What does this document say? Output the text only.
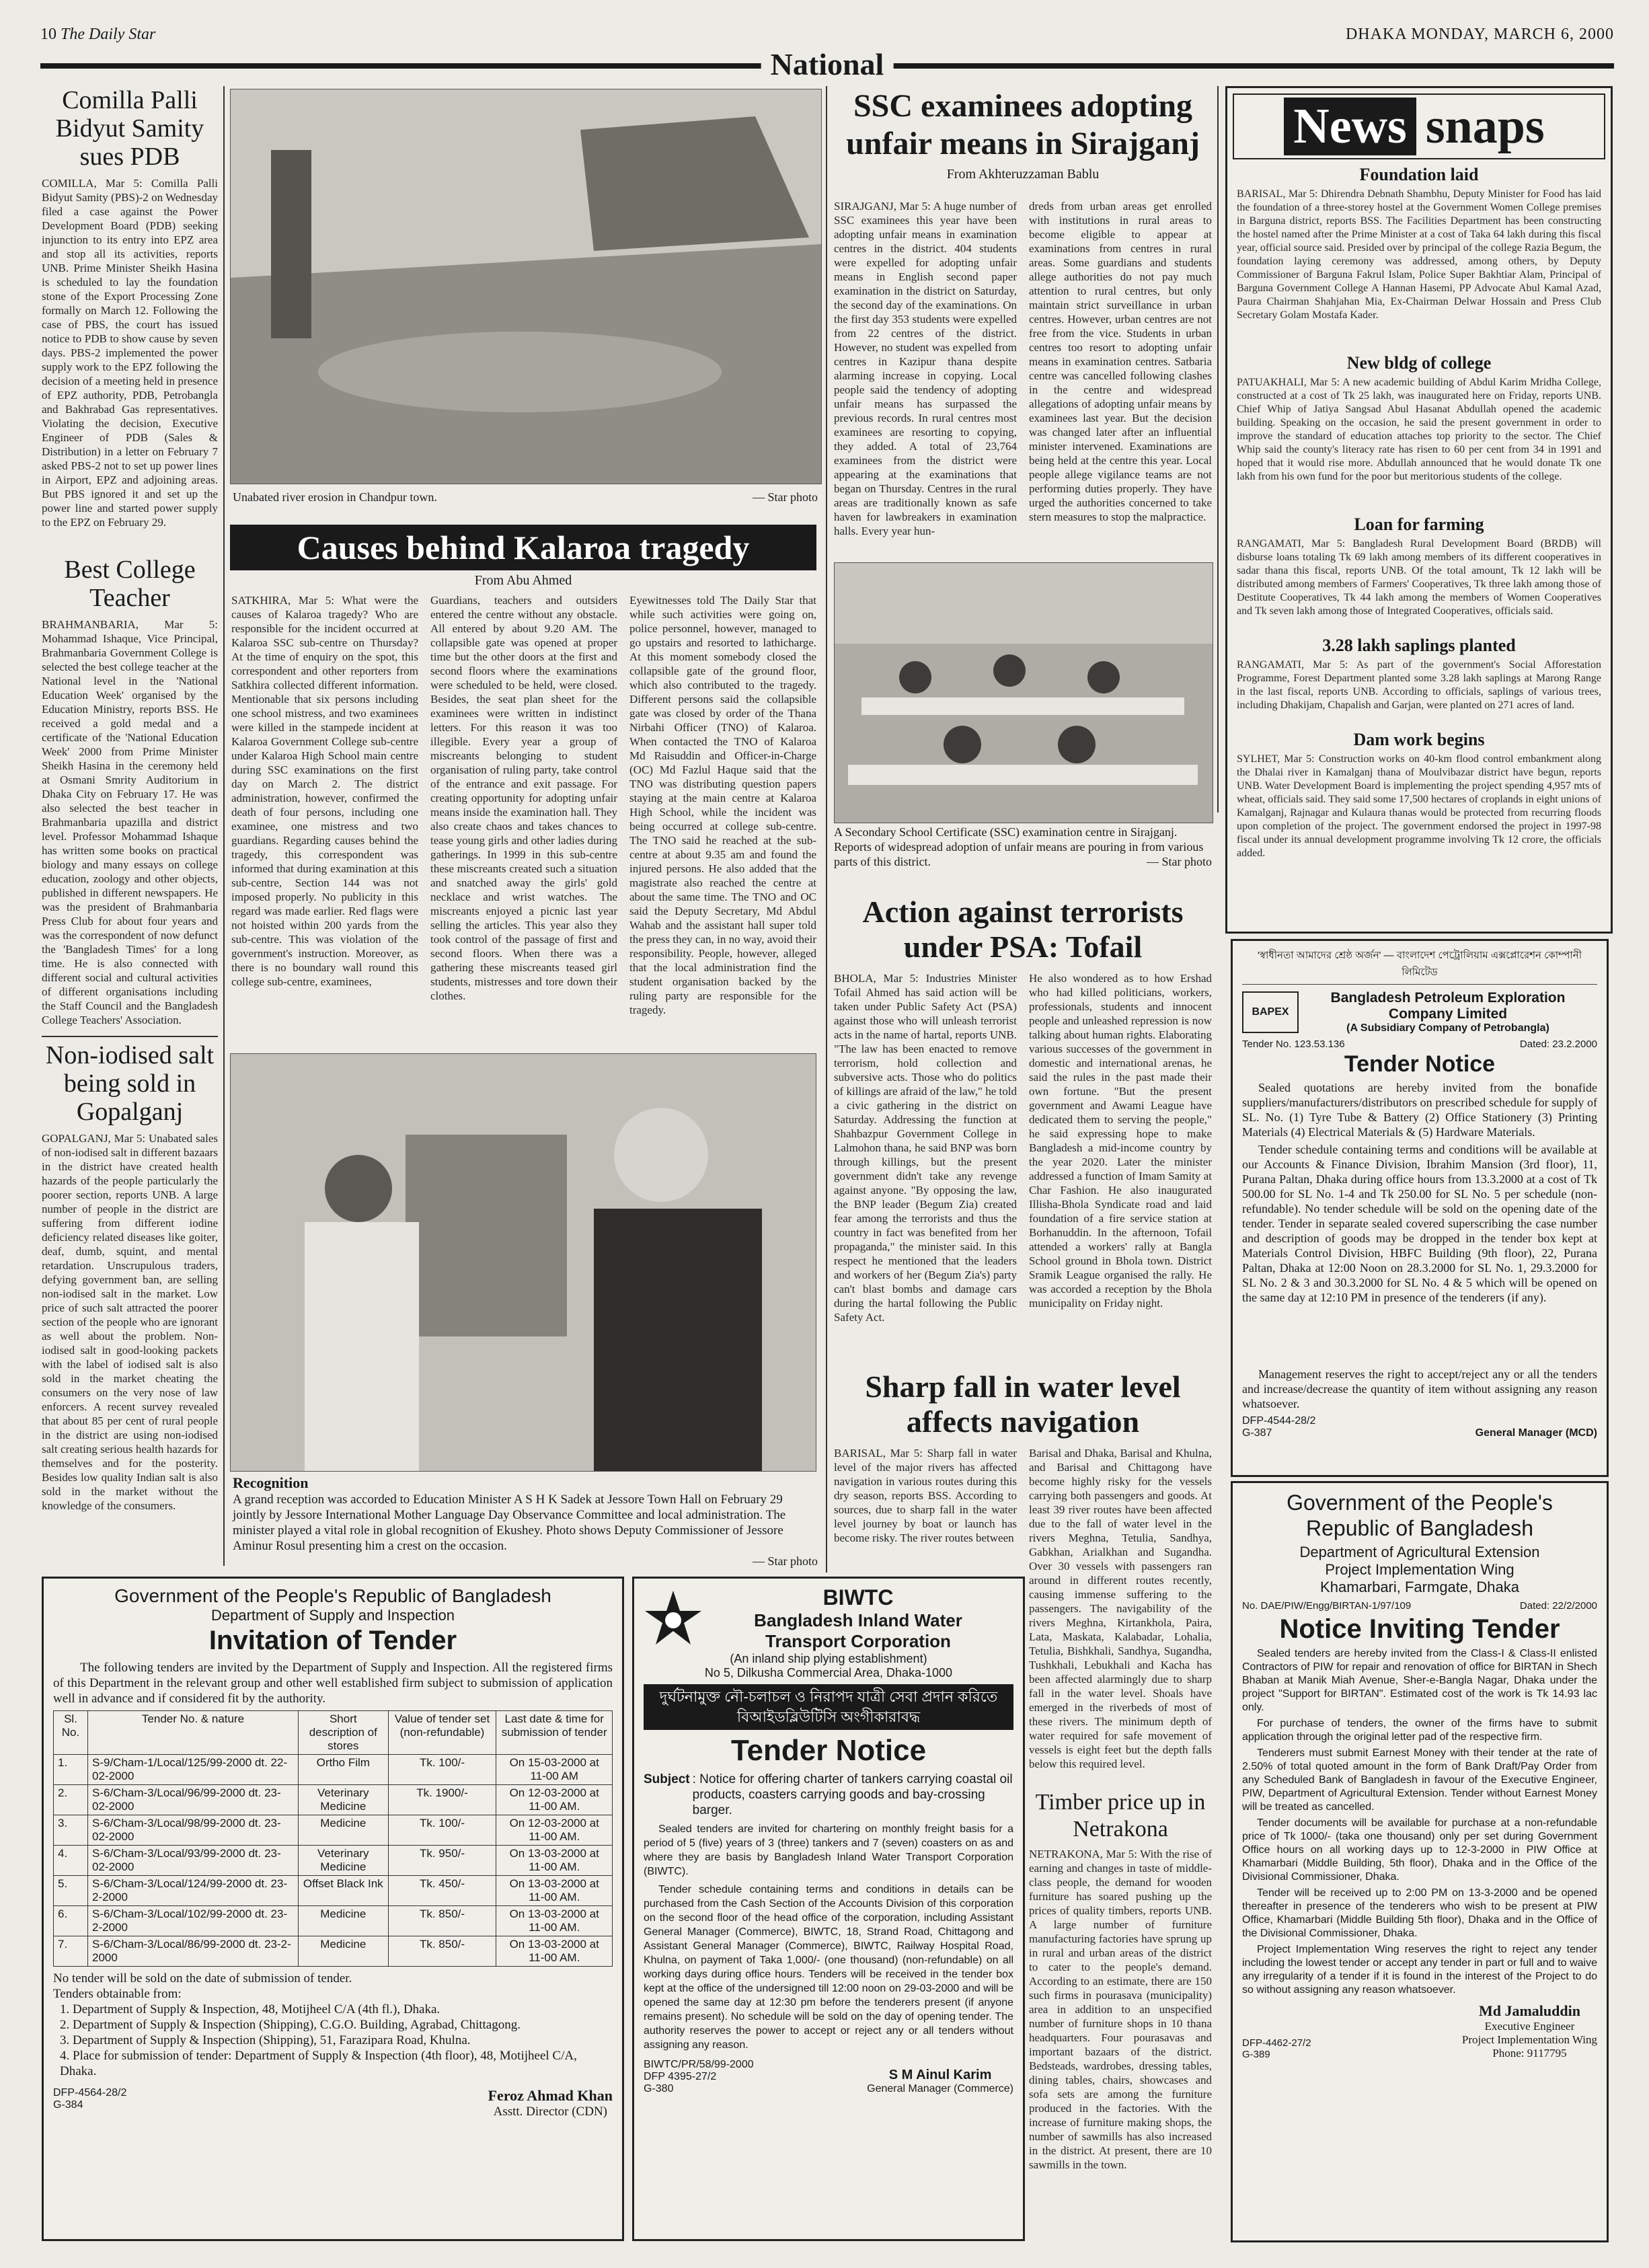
10 The Daily Star	DHAKA MONDAY, MARCH 6, 2000
National
Comilla Palli Bidyut Samity sues PDB
COMILLA, Mar 5: Comilla Palli Bidyut Samity (PBS)-2 on Wednesday filed a case against the Power Development Board (PDB) seeking injunction to its entry into EPZ area and stop all its activities, reports UNB. Prime Minister Sheikh Hasina is scheduled to lay the foundation stone of the Export Processing Zone formally on March 12. Following the case of PBS, the court has issued notice to PDB to show cause by seven days. PBS-2 implemented the power supply work to the EPZ following the decision of a meeting held in presence of EPZ authority, PDB, Petrobangla and Bakhrabad Gas representatives. Violating the decision, Executive Engineer of PDB (Sales & Distribution) in a letter on February 7 asked PBS-2 not to set up power lines in Airport, EPZ and adjoining areas. But PBS ignored it and set up the power line and started power supply to the EPZ on February 29.
Best College Teacher
BRAHMANBARIA, Mar 5: Mohammad Ishaque, Vice Principal, Brahmanbaria Government College is selected the best college teacher at the National level in the 'National Education Week' organised by the Education Ministry, reports BSS. He received a gold medal and a certificate of the 'National Education Week' 2000 from Prime Minister Sheikh Hasina in the ceremony held at Osmani Smrity Auditorium in Dhaka City on February 17. He was also selected the best teacher in Brahmanbaria upazilla and district level. Professor Mohammad Ishaque has written some books on practical biology and many essays on college education, zoology and other objects, published in different newspapers. He was the president of Brahmanbaria Press Club for about four years and was the correspondent of now defunct the 'Bangladesh Times' for a long time. He is also connected with different social and cultural activities of different organisations including the Staff Council and the Bangladesh College Teachers' Association.
Non-iodised salt being sold in Gopalganj
GOPALGANJ, Mar 5: Unabated sales of non-iodised salt in different bazaars in the district have created health hazards of the people particularly the poorer section, reports UNB. A large number of people in the district are suffering from different iodine deficiency related diseases like goiter, deaf, dumb, squint, and mental retardation. Unscrupulous traders, defying government ban, are selling non-iodised salt in the market. Low price of such salt attracted the poorer section of the people who are ignorant as well about the problem. Non-iodised salt in good-looking packets with the label of iodised salt is also sold in the market cheating the consumers on the very nose of law enforcers. A recent survey revealed that about 85 per cent of rural people in the district are using non-iodised salt creating serious health hazards for themselves and for the posterity. Besides low quality Indian salt is also sold in the market without the knowledge of the consumers.
Unabated river erosion in Chandpur town.	— Star photo
Causes behind Kalaroa tragedy
From Abu Ahmed
SATKHIRA, Mar 5: What were the causes of Kalaroa tragedy? Who are responsible for the incident occurred at Kalaroa SSC sub-centre on Thursday? At the time of enquiry on the spot, this correspondent and other reporters from Satkhira collected different information. Mentionable that six persons including one school mistress, and two examinees were killed in the stampede incident at Kalaroa Government College sub-centre under Kalaroa High School main centre during SSC examinations on the first day on March 2. The district administration, however, confirmed the death of four persons, including one examinee, one mistress and two guardians. Regarding causes behind the tragedy, this correspondent was informed that during examination at this sub-centre, Section 144 was not imposed properly. No publicity in this regard was made earlier. Red flags were not hoisted within 200 yards from the sub-centre. This was violation of the government's instruction. Moreover, as there is no boundary wall round this college sub-centre, examinees,
Guardians, teachers and outsiders entered the centre without any obstacle. All entered by about 9.20 AM. The collapsible gate was opened at proper time but the other doors at the first and second floors where the examinations were scheduled to be held, were closed. Besides, the seat plan sheet for the examinees were written in indistinct letters. For this reason it was too illegible. Every year a group of miscreants belonging to student organisation of ruling party, take control of the entrance and exit passage. For creating opportunity for adopting unfair means inside the examination hall. They also create chaos and takes chances to tease young girls and other ladies during gatherings. In 1999 in this sub-centre these miscreants created such a situation and snatched away the girls' gold necklace and wrist watches. The miscreants enjoyed a picnic last year selling the articles. This year also they took control of the passage of first and second floors. When there was a gathering these miscreants teased girl students, mistresses and tore down their clothes.
Eyewitnesses told The Daily Star that while such activities were going on, police personnel, however, managed to go upstairs and resorted to lathicharge. At this moment somebody closed the collapsible gate of the ground floor, which also contributed to the tragedy. Different persons said the collapsible gate was closed by order of the Thana Nirbahi Officer (TNO) of Kalaroa. When contacted the TNO of Kalaroa Md Raisuddin and Officer-in-Charge (OC) Md Fazlul Haque said that the TNO was distributing question papers staying at the main centre at Kalaroa High School, while the incident was being occurred at college sub-centre. The TNO said he reached at the sub-centre at about 9.35 am and found the injured persons. He also added that the magistrate also reached the centre at about the same time. The TNO and OC said the Deputy Secretary, Md Abdul Wahab and the assistant hall super told the press they can, in no way, avoid their responsibility. People, however, alleged that the local administration find the student organisation backed by the ruling party are responsible for the tragedy.
Recognition
A grand reception was accorded to Education Minister A S H K Sadek at Jessore Town Hall on February 29 jointly by Jessore International Mother Language Day Observance Committee and local administration. The minister played a vital role in global recognition of Ekushey. Photo shows Deputy Commissioner of Jessore Aminur Rosul presenting him a crest on the occasion.
— Star photo
SSC examinees adopting unfair means in Sirajganj
From Akhteruzzaman Bablu
SIRAJGANJ, Mar 5: A huge number of SSC examinees this year have been adopting unfair means in examination centres in the district. 404 students were expelled for adopting unfair means in English second paper examination in the district on Saturday, the second day of the examinations. On the first day 353 students were expelled from 22 centres of the district. However, no student was expelled from centres in Kazipur thana despite alarming increase in copying. Local people said the tendency of adopting unfair means has surpassed the previous records. In rural centres most examinees are resorting to copying, they added. A total of 23,764 examinees from the district were appearing at the examinations that began on Thursday. Centres in the rural areas are traditionally known as safe haven for lawbreakers in examination halls. Every year hun-
dreds from urban areas get enrolled with institutions in rural areas to become eligible to appear at examinations from centres in rural areas. Some guardians and students allege authorities do not pay much attention to rural centres, but only maintain strict surveillance in urban centres. However, urban centres are not free from the vice. Students in urban centres too resort to adopting unfair means in examination centres. Satbaria centre was cancelled following clashes in the centre and widespread allegations of adopting unfair means by examinees last year. But the decision was changed later after an influential minister intervened. Examinations are being held at the centre this year. Local people allege vigilance teams are not performing duties properly. They have urged the authorities concerned to take stern measures to stop the malpractice.
A Secondary School Certificate (SSC) examination centre in Sirajganj. Reports of widespread adoption of unfair means are pouring in from various parts of this district.	— Star photo
Action against terrorists under PSA: Tofail
BHOLA, Mar 5: Industries Minister Tofail Ahmed has said action will be taken under Public Safety Act (PSA) against those who will unleash terrorist acts in the name of hartal, reports UNB. "The law has been enacted to remove terrorism, hold collection and subversive acts. Those who do politics of killings are afraid of the law," he told a civic gathering in the district on Saturday. Addressing the function at Shahbazpur Government College in Lalmohon thana, he said BNP was born through killings, but the present government didn't take any revenge against anyone. "By opposing the law, the BNP leader (Begum Zia) created fear among the terrorists and thus the country in fact was benefited from her propaganda," the minister said. In this respect he mentioned that the leaders and workers of her (Begum Zia's) party can't blast bombs and damage cars during the hartal following the Public Safety Act.
He also wondered as to how Ershad who had killed politicians, workers, professionals, students and innocent people and unleashed repression is now talking about human rights. Elaborating various successes of the government in domestic and international arenas, he said the rules in the past made their own fortune. "But the present government and Awami League have dedicated them to serving the people," he said expressing hope to make Bangladesh a mid-income country by the year 2020. Later the minister addressed a function of Imam Samity at Char Fashion. He also inaugurated Illisha-Bhola Syndicate road and laid foundation of a fire service station at Borhanuddin. In the afternoon, Tofail attended a workers' rally at Bangla School ground in Bhola town. District Sramik League organised the rally. He was accorded a reception by the Bhola municipality on Friday night.
Sharp fall in water level affects navigation
BARISAL, Mar 5: Sharp fall in water level of the major rivers has affected navigation in various routes during this dry season, reports BSS. According to sources, due to sharp fall in the water level journey by boat or launch has become risky. The river routes between
Barisal and Dhaka, Barisal and Khulna, and Barisal and Chittagong have become highly risky for the vessels carrying both passengers and goods. At least 39 river routes have been affected due to the fall of water level in the rivers Meghna, Tetulia, Sandhya, Gabkhan, Arialkhan and Sugandha. Over 30 vessels with passengers ran around in different routes recently, causing immense suffering to the passengers. The navigability of the rivers Meghna, Kirtankhola, Paira, Lata, Maskata, Kalabadar, Lohalia, Tetulia, Bishkhali, Sandhya, Sugandha, Tushkhali, Lebukhali and Kacha has been affected alarmingly due to sharp fall in the water level. Shoals have emerged in the riverbeds of most of these rivers. The minimum depth of water required for safe movement of vessels is eight feet but the depth falls below this required level.
Timber price up in Netrakona
NETRAKONA, Mar 5: With the rise of earning and changes in taste of middle-class people, the demand for wooden furniture has soared pushing up the prices of quality timbers, reports UNB. A large number of furniture manufacturing factories have sprung up in rural and urban areas of the district to cater to the people's demand. According to an estimate, there are 150 such firms in pourasava (municipality) area in addition to an unspecified number of furniture shops in 10 thana headquarters. Four pourasavas and important bazaars of the district. Bedsteads, wardrobes, dressing tables, dining tables, chairs, showcases and sofa sets are among the furniture produced in the factories. With the increase of furniture making shops, the number of sawmills has also increased in the district. At present, there are 10 sawmills in the town.
News snaps
Foundation laid
BARISAL, Mar 5: Dhirendra Debnath Shambhu, Deputy Minister for Food has laid the foundation of a three-storey hostel at the Government Women College premises in Barguna district, reports BSS. The Facilities Department has been constructing the hostel named after the Prime Minister at a cost of Taka 64 lakh during this fiscal year, official source said. Presided over by principal of the college Razia Begum, the foundation laying ceremony was addressed, among others, by Deputy Commissioner of Barguna Fakrul Islam, Police Super Bakhtiar Alam, Principal of Barguna Government College A Hannan Hasemi, PP Advocate Abul Kamal Azad, Paura Chairman Shahjahan Mia, Ex-Chairman Delwar Hossain and Press Club Secretary Golam Mostafa Kader.
New bldg of college
PATUAKHALI, Mar 5: A new academic building of Abdul Karim Mridha College, constructed at a cost of Tk 25 lakh, was inaugurated here on Friday, reports UNB. Chief Whip of Jatiya Sangsad Abul Hasanat Abdullah opened the academic building. Speaking on the occasion, he said the present government in order to improve the standard of education attaches top priority to the sector. The Chief Whip said the county's literacy rate has risen to 60 per cent from 34 in 1991 and hoped that it would rise more. Abdullah announced that he would donate Tk one lakh from his own fund for the poor but meritorious students of the college.
Loan for farming
RANGAMATI, Mar 5: Bangladesh Rural Development Board (BRDB) will disburse loans totaling Tk 69 lakh among members of its different cooperatives in sadar thana this fiscal, reports UNB. Of the total amount, Tk 12 lakh will be distributed among members of Farmers' Cooperatives, Tk three lakh among those of Destitute Cooperatives, Tk 44 lakh among the members of Women Cooperatives and Tk seven lakh among those of Integrated Cooperatives, officials said.
3.28 lakh saplings planted
RANGAMATI, Mar 5: As part of the government's Social Afforestation Programme, Forest Department planted some 3.28 lakh saplings at Marong Range in the last fiscal, reports UNB. According to officials, saplings of various trees, including Dhakijam, Chapalish and Garjan, were planted on 271 acres of land.
Dam work begins
SYLHET, Mar 5: Construction works on 40-km flood control embankment along the Dhalai river in Kamalganj thana of Moulvibazar district have begun, reports UNB. Water Development Board is implementing the project spending 4,957 mts of wheat, officials said. They said some 17,500 hectares of croplands in eight unions of Kamalganj, Rajnagar and Kulaura thanas would be protected from recurring floods upon completion of the project. The government endorsed the project in 1997-98 fiscal under its annual development programme involving Tk 12 crore, the officials added.
'স্বাধীনতা আমাদের শ্রেষ্ঠ অর্জন' — বাংলাদেশ পেট্রোলিয়াম এক্সপ্লোরেশন কোম্পানী লিমিটেড
BAPEX
Bangladesh Petroleum Exploration Company Limited
(A Subsidiary Company of Petrobangla)
Tender No. 123.53.136	Dated: 23.2.2000
Tender Notice
Sealed quotations are hereby invited from the bonafide suppliers/manufacturers/distributors on prescribed schedule for supply of SL. No. (1) Tyre Tube & Battery (2) Office Stationery (3) Printing Materials (4) Electrical Materials & (5) Hardware Materials.
Tender schedule containing terms and conditions will be available at our Accounts & Finance Division, Ibrahim Mansion (3rd floor), 11, Purana Paltan, Dhaka during office hours from 13.3.2000 at a cost of Tk 500.00 for SL No. 1-4 and Tk 250.00 for SL No. 5 per schedule (non-refundable). No tender schedule will be sold on the opening date of the tender. Tender in separate sealed covered superscribing the case number and description of goods may be dropped in the tender box kept at Materials Control Division, HBFC Building (9th floor), 22, Purana Paltan, Dhaka at 12:00 Noon on 28.3.2000 for SL No. 1, 29.3.2000 for SL No. 2 & 3 and 30.3.2000 for SL No. 4 & 5 which will be opened on the same day at 12:10 PM in presence of the tenderers (if any).
Management reserves the right to accept/reject any or all the tenders and increase/decrease the quantity of item without assigning any reason whatsoever.
DFP-4544-28/2
G-387	General Manager (MCD)
Government of the People's
Republic of Bangladesh
Department of Agricultural Extension
Project Implementation Wing
Khamarbari, Farmgate, Dhaka
No. DAE/PIW/Engg/BIRTAN-1/97/109	Dated: 22/2/2000
Notice Inviting Tender
Sealed tenders are hereby invited from the Class-I & Class-II enlisted Contractors of PIW for repair and renovation of office for BIRTAN in Shech Bhaban at Manik Miah Avenue, Sher-e-Bangla Nagar, Dhaka under the project "Support for BIRTAN". Estimated cost of the work is Tk 14.93 lac only.
For purchase of tenders, the owner of the firms have to submit application through the original letter pad of the respective firm.
Tenderers must submit Earnest Money with their tender at the rate of 2.50% of total quoted amount in the form of Bank Draft/Pay Order from any Scheduled Bank of Bangladesh in favour of the Executive Engineer, PIW, Department of Agricultural Extension. Tender without Earnest Money will be treated as cancelled.
Tender documents will be available for purchase at a non-refundable price of Tk 1000/- (taka one thousand) only per set during Government Office hours on all working days up to 12-3-2000 in PIW Office at Khamarbari (Middle Building, 5th floor), Dhaka and in the Office of the Divisional Commissioner, Dhaka.
Tender will be received up to 2:00 PM on 13-3-2000 and be opened thereafter in presence of the tenderers who wish to be present at PIW Office, Khamarbari (Middle Building 5th floor), Dhaka and in the Office of the Divisional Commissioner, Dhaka.
Project Implementation Wing reserves the right to reject any tender including the lowest tender or accept any tender in part or full and to waive any irregularity of a tender if it is found in the interest of the Project to do so without assigning any reason whatsoever.
DFP-4462-27/2
G-389
Md Jamaluddin
Executive Engineer
Project Implementation Wing
Phone: 9117795
Government of the People's Republic of Bangladesh
Department of Supply and Inspection
Invitation of Tender
The following tenders are invited by the Department of Supply and Inspection. All the registered firms of this Department in the relevant group and other well established firm subject to submission of application well in advance and if considered fit by the authority.
Sl. No.	Tender No. & nature	Short description of stores	Value of tender set (non-refundable)	Last date & time for submission of tender
1.	S-9/Cham-1/Local/125/99-2000 dt. 22-02-2000	Ortho Film	Tk. 100/-	On 15-03-2000 at 11-00 AM
2.	S-6/Cham-3/Local/96/99-2000 dt. 23-02-2000	Veterinary Medicine	Tk. 1900/-	On 12-03-2000 at 11-00 AM.
3.	S-6/Cham-3/Local/98/99-2000 dt. 23-02-2000	Medicine	Tk. 100/-	On 12-03-2000 at 11-00 AM.
4.	S-6/Cham-3/Local/93/99-2000 dt. 23-02-2000	Veterinary Medicine	Tk. 950/-	On 13-03-2000 at 11-00 AM.
5.	S-6/Cham-3/Local/124/99-2000 dt. 23-2-2000	Offset Black Ink	Tk. 450/-	On 13-03-2000 at 11-00 AM.
6.	S-6/Cham-3/Local/102/99-2000 dt. 23-2-2000	Medicine	Tk. 850/-	On 13-03-2000 at 11-00 AM.
7.	S-6/Cham-3/Local/86/99-2000 dt. 23-2-2000	Medicine	Tk. 850/-	On 13-03-2000 at 11-00 AM.
No tender will be sold on the date of submission of tender.
Tenders obtainable from:
1. Department of Supply & Inspection, 48, Motijheel C/A (4th fl.), Dhaka.
2. Department of Supply & Inspection (Shipping), C.G.O. Building, Agrabad, Chittagong.
3. Department of Supply & Inspection (Shipping), 51, Farazipara Road, Khulna.
4. Place for submission of tender: Department of Supply & Inspection (4th floor), 48, Motijheel C/A, Dhaka.
DFP-4564-28/2
G-384
Feroz Ahmad Khan
Asstt. Director (CDN)
BIWTC
Bangladesh Inland Water
Transport Corporation
(An inland ship plying establishment)
No 5, Dilkusha Commercial Area, Dhaka-1000
দুর্ঘটনামুক্ত নৌ-চলাচল ও নিরাপদ যাত্রী সেবা প্রদান করিতে বিআইডব্লিউটিসি অংগীকারাবদ্ধ
Tender Notice
Subject : Notice for offering charter of tankers carrying coastal oil products, coasters carrying goods and bay-crossing barger.
Sealed tenders are invited for chartering on monthly freight basis for a period of 5 (five) years of 3 (three) tankers and 7 (seven) coasters on as and where they are basis by Bangladesh Inland Water Transport Corporation (BIWTC).
Tender schedule containing terms and conditions in details can be purchased from the Cash Section of the Accounts Division of this corporation on the second floor of the head office of the corporation, including Assistant General Manager (Commerce), BIWTC, 18, Strand Road, Chittagong and Assistant General Manager (Commerce), BIWTC, Railway Hospital Road, Khulna, on payment of Taka 1,000/- (one thousand) (non-refundable) on all working days during office hours. Tenders will be received in the tender box kept at the office of the undersigned till 12:00 noon on 29-03-2000 and will be opened the same day at 12:30 pm before the tenderers present (if anyone remains present). No schedule will be sold on the day of opening tender. The authority reserves the power to accept or reject any or all tenders without assigning any reason.
BIWTC/PR/58/99-2000
DFP 4395-27/2
G-380
S M Ainul Karim
General Manager (Commerce)
